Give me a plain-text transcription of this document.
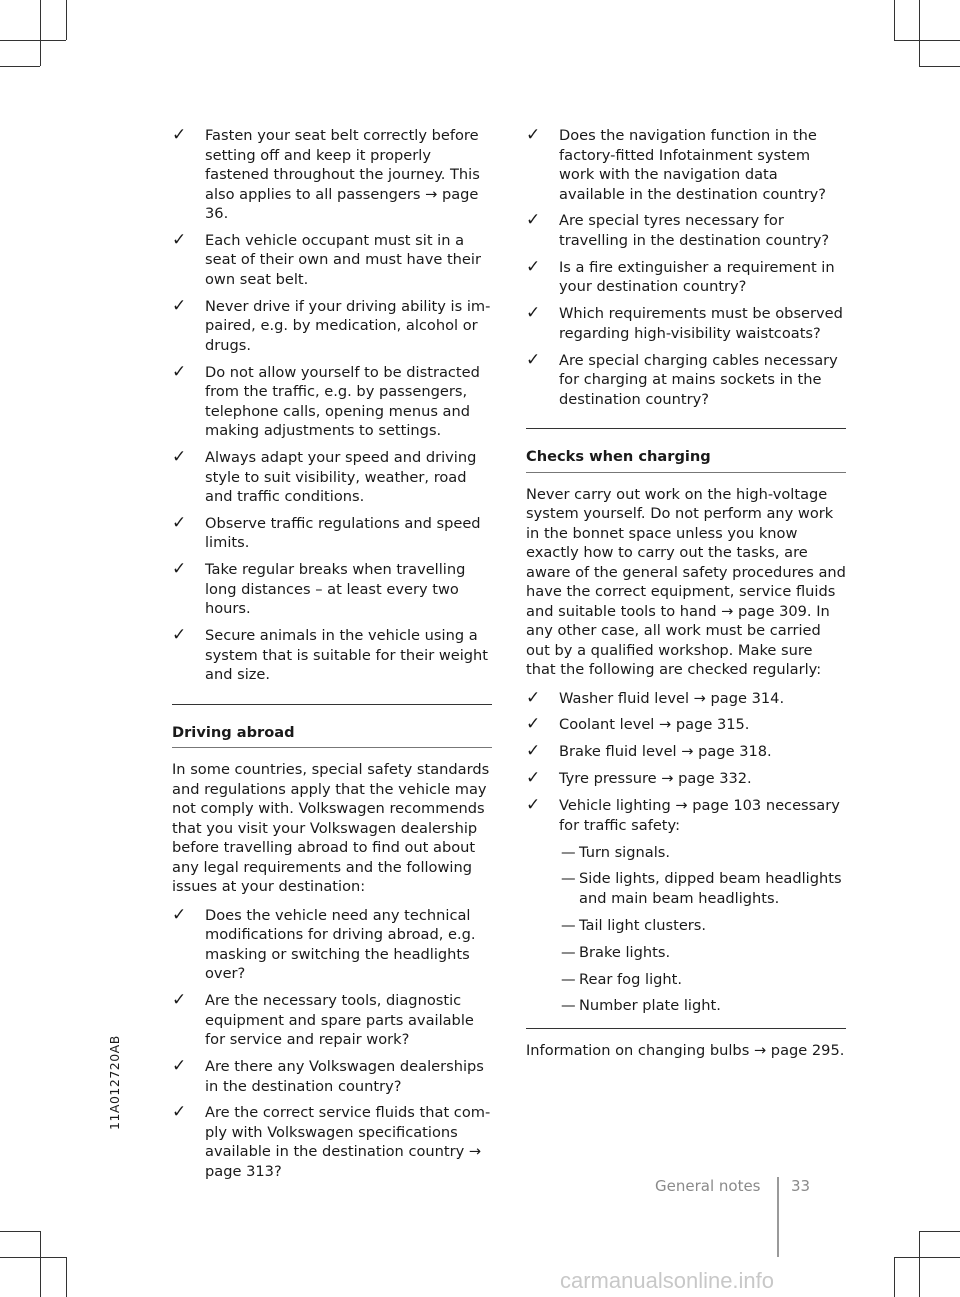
11A012720AB
✓ Fasten your seat belt correctly before setting off and keep it properly fastened throughout the journey. This also applies to all passengers → page 36.
✓ Each vehicle occupant must sit in a seat of their own and must have their own seat belt.
✓ Never drive if your driving ability is impaired, e.g. by medication, alcohol or drugs.
✓ Do not allow yourself to be distracted from the traffic, e.g. by passengers, telephone calls, opening menus and making adjustments to settings.
✓ Always adapt your speed and driving style to suit visibility, weather, road and traffic conditions.
✓ Observe traffic regulations and speed limits.
✓ Take regular breaks when travelling long distances – at least every two hours.
✓ Secure animals in the vehicle using a system that is suitable for their weight and size.
Driving abroad

In some countries, special safety standards and regulations apply that the vehicle may not comply with. Volkswagen recommends that you visit your Volkswagen dealership before travelling abroad to find out about any legal requirements and the following issues at your destination:

✓ Does the vehicle need any technical modifications for driving abroad, e.g. masking or switching the headlights over?
✓ Are the necessary tools, diagnostic equipment and spare parts available for service and repair work?
✓ Are there any Volkswagen dealerships in the destination country?
✓ Are the correct service fluids that comply with Volkswagen specifications available in the destination country → page 313?
✓ Does the navigation function in the factory-fitted Infotainment system work with the navigation data available in the destination country?
✓ Are special tyres necessary for travelling in the destination country?
✓ Is a fire extinguisher a requirement in your destination country?
✓ Which requirements must be observed regarding high-visibility waistcoats?
✓ Are special charging cables necessary for charging at mains sockets in the destination country?
Checks when charging

Never carry out work on the high-voltage system yourself. Do not perform any work in the bonnet space unless you know exactly how to carry out the tasks, are aware of the general safety procedures and have the correct equipment, service fluids and suitable tools to hand → page 309. In any other case, all work must be carried out by a qualified workshop. Make sure that the following are checked regularly:

✓ Washer fluid level → page 314.
✓ Coolant level → page 315.
✓ Brake fluid level → page 318.
✓ Tyre pressure → page 332.
✓ Vehicle lighting → page 103 necessary for traffic safety:
— Turn signals.
— Side lights, dipped beam headlights and main beam headlights.
— Tail light clusters.
— Brake lights.
— Rear fog light.
— Number plate light.

Information on changing bulbs → page 295.

General notes 33
carmanualsonline.info
